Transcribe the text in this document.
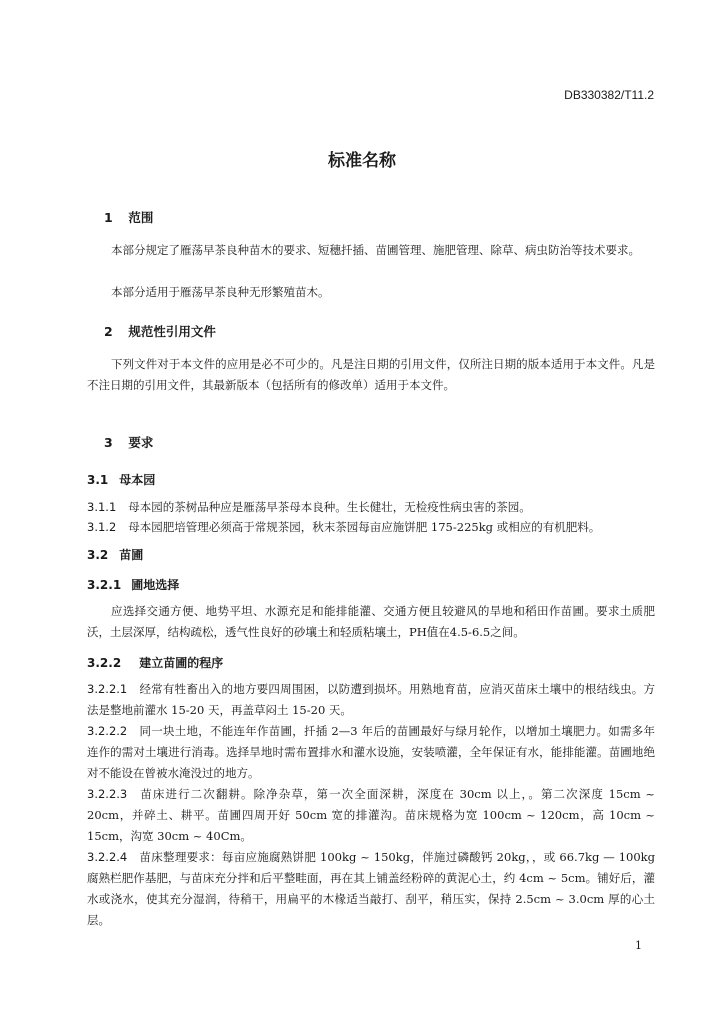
DB330382/T11.2
标准名称
1 范围
本部分规定了雁荡早茶良种苗木的要求、短穗扦插、苗圃管理、施肥管理、除草、病虫防治等技术要求。
本部分适用于雁荡早茶良种无形繁殖苗木。
2 规范性引用文件
下列文件对于本文件的应用是必不可少的。凡是注日期的引用文件，仅所注日期的版本适用于本文件。凡是不注日期的引用文件，其最新版本（包括所有的修改单）适用于本文件。
3 要求
3.1 母本园
3.1.1 母本园的茶树品种应是雁荡早茶母本良种。生长健壮，无检疫性病虫害的茶园。
3.1.2 母本园肥培管理必须高于常规茶园，秋末茶园每亩应施饼肥 175-225kg 或相应的有机肥料。
3.2 苗圃
3.2.1 圃地选择
应选择交通方便、地势平坦、水源充足和能排能灌、交通方便且较避风的旱地和稻田作苗圃。要求土质肥沃，土层深厚，结构疏松，透气性良好的砂壤土和轻质粘壤土，PH值在4.5-6.5之间。
3.2.2 建立苗圃的程序
3.2.2.1 经常有牲畜出入的地方要四周围困，以防遭到损坏。用熟地育苗，应消灭苗床土壤中的根结线虫。方法是整地前灌水 15-20 天，再盖草闷土 15-20 天。
3.2.2.2 同一块土地，不能连年作苗圃，扦插 2—3 年后的苗圃最好与绿月轮作，以增加土壤肥力。如需多年连作的需对土壤进行消毒。选择旱地时需布置排水和灌水设施，安装喷灌，全年保证有水，能排能灌。苗圃地绝对不能设在曾被水淹没过的地方。
3.2.2.3 苗床进行二次翻耕。除净杂草，第一次全面深耕，深度在 30cm 以上，。第二次深度 15cm ~ 20cm，并碎土、耕平。苗圃四周开好 50cm 宽的排灌沟。苗床规格为宽 100cm ~ 120cm，高 10cm ~ 15cm，沟宽 30cm ~ 40Cm。
3.2.2.4 苗床整理要求：每亩应施腐熟饼肥 100kg ~ 150kg，伴施过磷酸钙 20kg，，或 66.7kg — 100kg 腐熟栏肥作基肥，与苗床充分拌和后平整畦面，再在其上铺盖经粉碎的黄泥心土，约 4cm ~ 5cm。铺好后，灌水或浇水，使其充分湿润，待稍干，用扁平的木椽适当敲打、刮平，稍压实，保持 2.5cm ~ 3.0cm 厚的心土层。
1
